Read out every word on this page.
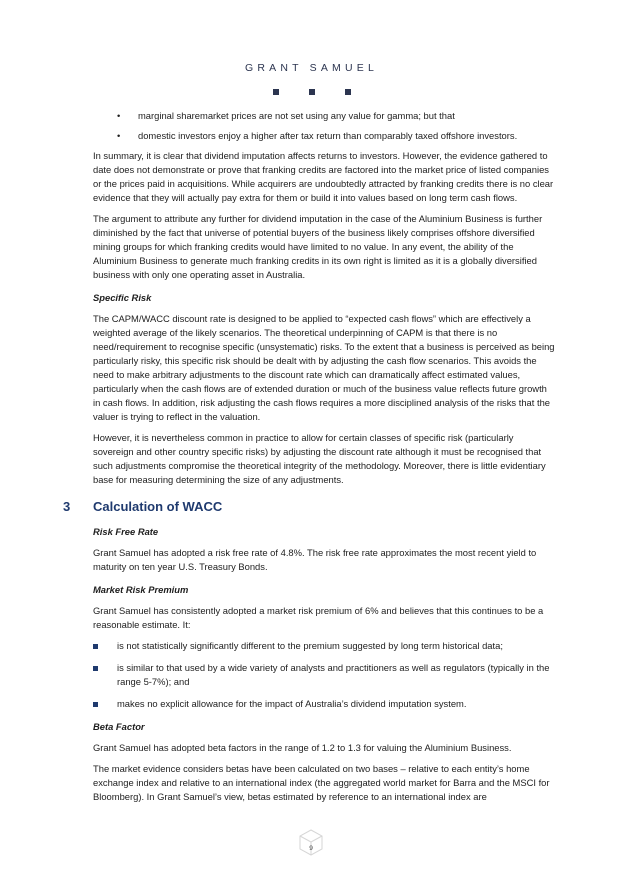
GRANT SAMUEL
•	marginal sharemarket prices are not set using any value for gamma; but that
•	domestic investors enjoy a higher after tax return than comparably taxed offshore investors.

In summary, it is clear that dividend imputation affects returns to investors. However, the evidence gathered to date does not demonstrate or prove that franking credits are factored into the market price of listed companies or the prices paid in acquisitions. While acquirers are undoubtedly attracted by franking credits there is no clear evidence that they will actually pay extra for them or build it into values based on long term cash flows.

The argument to attribute any further for dividend imputation in the case of the Aluminium Business is further diminished by the fact that universe of potential buyers of the business likely comprises offshore diversified mining groups for which franking credits would have limited to no value. In any event, the ability of the Aluminium Business to generate much franking credits in its own right is limited as it is a globally diversified business with only one operating asset in Australia.

Specific Risk

The CAPM/WACC discount rate is designed to be applied to “expected cash flows” which are effectively a weighted average of the likely scenarios. The theoretical underpinning of CAPM is that there is no need/requirement to recognise specific (unsystematic) risks. To the extent that a business is perceived as being particularly risky, this specific risk should be dealt with by adjusting the cash flow scenarios. This avoids the need to make arbitrary adjustments to the discount rate which can dramatically affect estimated values, particularly when the cash flows are of extended duration or much of the business value reflects future growth in cash flows. In addition, risk adjusting the cash flows requires a more disciplined analysis of the risks that the valuer is trying to reflect in the valuation.

However, it is nevertheless common in practice to allow for certain classes of specific risk (particularly sovereign and other country specific risks) by adjusting the discount rate although it must be recognised that such adjustments compromise the theoretical integrity of the methodology. Moreover, there is little evidentiary base for measuring determining the size of any adjustments.

3 Calculation of WACC
Risk Free Rate

Grant Samuel has adopted a risk free rate of 4.8%. The risk free rate approximates the most recent yield to maturity on ten year U.S. Treasury Bonds.

Market Risk Premium

Grant Samuel has consistently adopted a market risk premium of 6% and believes that this continues to be a reasonable estimate. It:

is not statistically significantly different to the premium suggested by long term historical data;
is similar to that used by a wide variety of analysts and practitioners as well as regulators (typically in the range 5-7%); and
makes no explicit allowance for the impact of Australia’s dividend imputation system.
Beta Factor

Grant Samuel has adopted beta factors in the range of 1.2 to 1.3 for valuing the Aluminium Business.

The market evidence considers betas have been calculated on two bases – relative to each entity’s home exchange index and relative to an international index (the aggregated world market for Barra and the MSCI for Bloomberg). In Grant Samuel’s view, betas estimated by reference to an international index are

9
